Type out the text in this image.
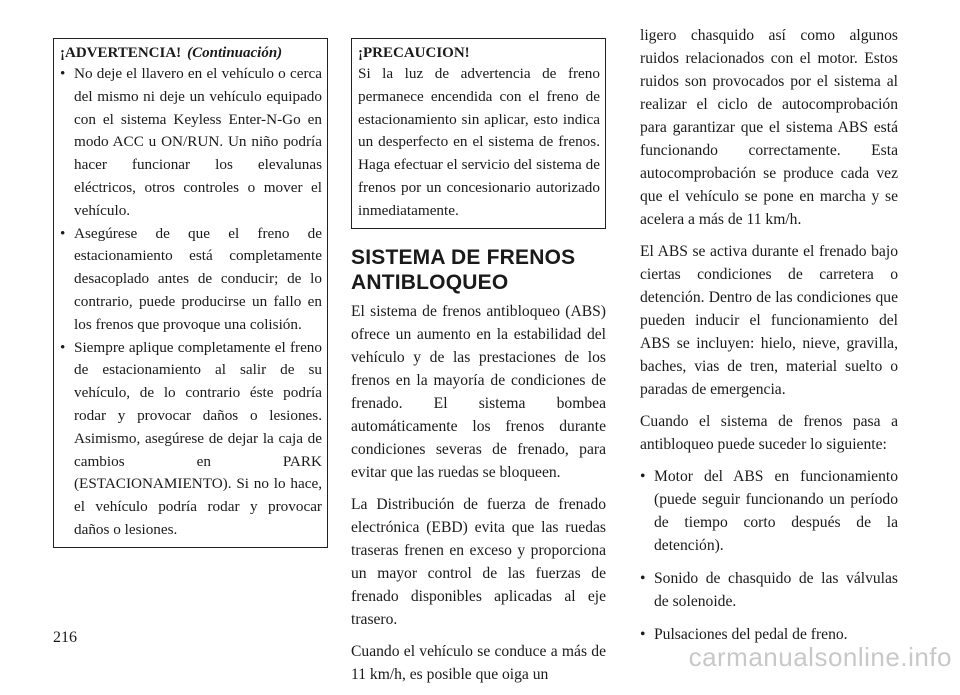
¡ADVERTENCIA! (Continuación)
• No deje el llavero en el vehículo o cerca del mismo ni deje un vehículo equipado con el sistema Keyless Enter-N-Go en modo ACC u ON/RUN. Un niño podría hacer funcionar los elevalunas eléctricos, otros controles o mover el vehículo.
• Asegúrese de que el freno de estacionamiento está completamente desacoplado antes de conducir; de lo contrario, puede producirse un fallo en los frenos que provoque una colisión.
• Siempre aplique completamente el freno de estacionamiento al salir de su vehículo, de lo contrario éste podría rodar y provocar daños o lesiones. Asimismo, asegúrese de dejar la caja de cambios en PARK (ESTACIONAMIENTO). Si no lo hace, el vehículo podría rodar y provocar daños o lesiones.
¡PRECAUCION!

Si la luz de advertencia de freno permanece encendida con el freno de estacionamiento sin aplicar, esto indica un desperfecto en el sistema de frenos. Haga efectuar el servicio del sistema de frenos por un concesionario autorizado inmediatamente.

SISTEMA DE FRENOS ANTIBLOQUEO

El sistema de frenos antibloqueo (ABS) ofrece un aumento en la estabilidad del vehículo y de las prestaciones de los frenos en la mayoría de condiciones de frenado. El sistema bombea automáticamente los frenos durante condiciones severas de frenado, para evitar que las ruedas se bloqueen.

La Distribución de fuerza de frenado electrónica (EBD) evita que las ruedas traseras frenen en exceso y proporciona un mayor control de las fuerzas de frenado disponibles aplicadas al eje trasero.

Cuando el vehículo se conduce a más de 11 km/h, es posible que oiga un

ligero chasquido así como algunos ruidos relacionados con el motor. Estos ruidos son provocados por el sistema al realizar el ciclo de autocomprobación para garantizar que el sistema ABS está funcionando correctamente. Esta autocomprobación se produce cada vez que el vehículo se pone en marcha y se acelera a más de 11 km/h.

El ABS se activa durante el frenado bajo ciertas condiciones de carretera o detención. Dentro de las condiciones que pueden inducir el funcionamiento del ABS se incluyen: hielo, nieve, gravilla, baches, vias de tren, material suelto o paradas de emergencia.

Cuando el sistema de frenos pasa a antibloqueo puede suceder lo siguiente:

• Motor del ABS en funcionamiento (puede seguir funcionando un período de tiempo corto después de la detención).
• Sonido de chasquido de las válvulas de solenoide.
• Pulsaciones del pedal de freno.
216
carmanualsonline.info
